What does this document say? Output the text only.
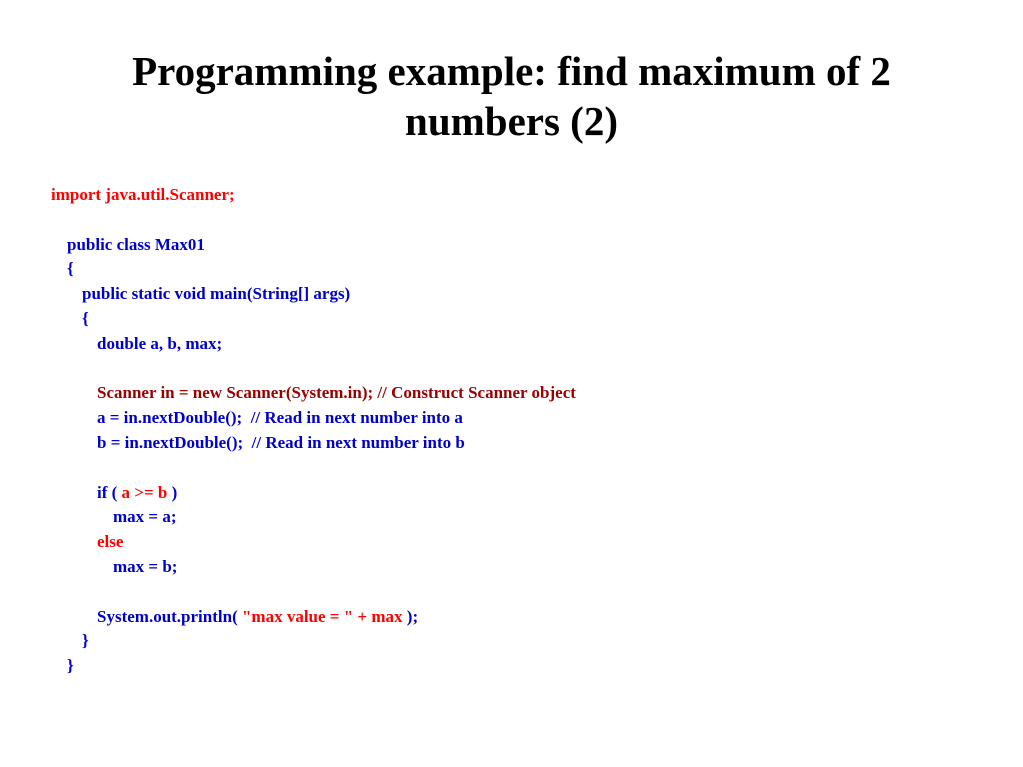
Programming example: find maximum of 2 numbers (2)
import java.util.Scanner;
public class Max01
{
public static void main(String[] args)
{
double a, b, max;
Scanner in = new Scanner(System.in); // Construct Scanner object
a = in.nextDouble();  // Read in next number into a
b = in.nextDouble();  // Read in next number into b
if ( a >= b )
max = a;
else
max = b;
System.out.println( "max value = " + max );
}
}
